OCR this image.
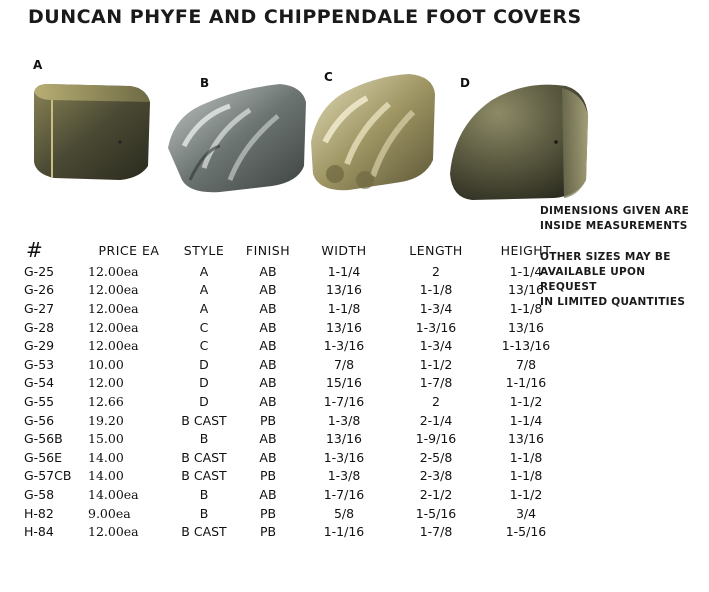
DUNCAN PHYFE AND CHIPPENDALE FOOT COVERS
A
B	C	D
DIMENSIONS GIVEN ARE
INSIDE MEASUREMENTS
OTHER SIZES MAY BE
AVAILABLE UPON
REQUEST
IN LIMITED QUANTITIES
#	PRICE EA	STYLE	FINISH	WIDTH	LENGTH	HEIGHT
G-25	12.00ea	A	AB	1-1/4	2	1-1/4
G-26	12.00ea	A	AB	13/16	1-1/8	13/16
G-27	12.00ea	A	AB	1-1/8	1-3/4	1-1/8
G-28	12.00ea	C	AB	13/16	1-3/16	13/16
G-29	12.00ea	C	AB	1-3/16	1-3/4	1-13/16
G-53	10.00	D	AB	7/8	1-1/2	7/8
G-54	12.00	D	AB	15/16	1-7/8	1-1/16
G-55	12.66	D	AB	1-7/16	2	1-1/2
G-56	19.20	B CAST	PB	1-3/8	2-1/4	1-1/4
G-56B	15.00	B	AB	13/16	1-9/16	13/16
G-56E	14.00	B CAST	AB	1-3/16	2-5/8	1-1/8
G-57CB	14.00	B CAST	PB	1-3/8	2-3/8	1-1/8
G-58	14.00ea	B	AB	1-7/16	2-1/2	1-1/2
H-82	9.00ea	B	PB	5/8	1-5/16	3/4
H-84	12.00ea	B CAST	PB	1-1/16	1-7/8	1-5/16
